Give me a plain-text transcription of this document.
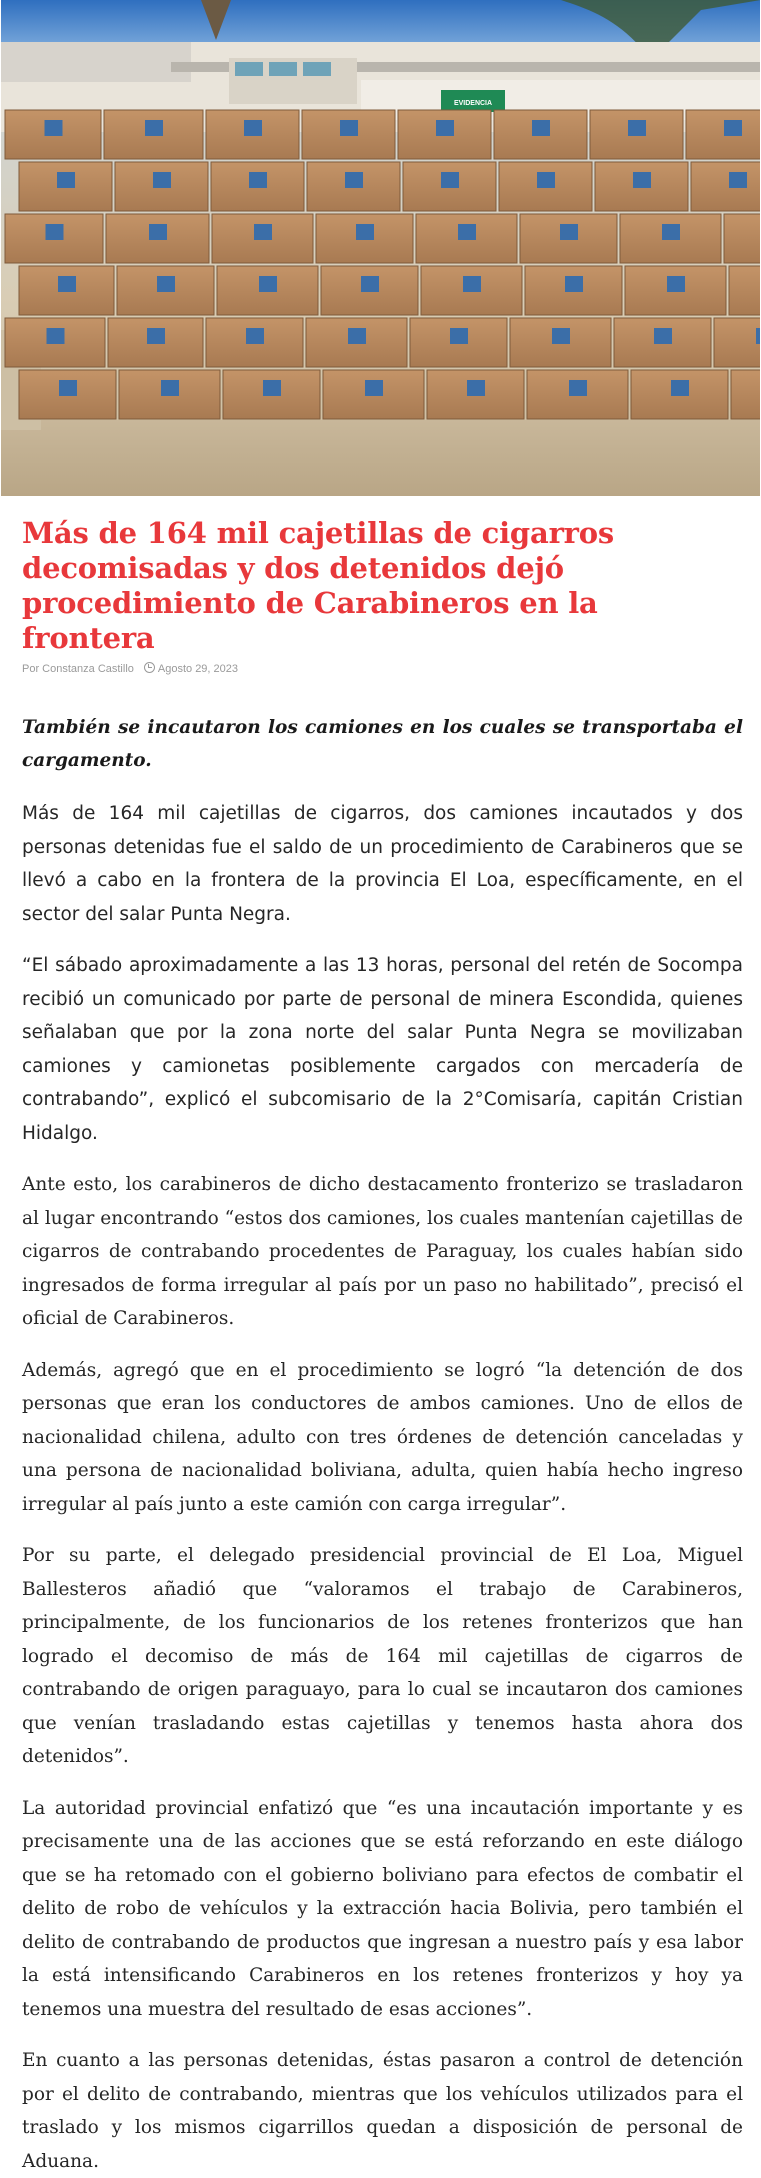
EVIDENCIA
Más de 164 mil cajetillas de cigarros decomisadas y dos detenidos dejó procedimiento de Carabineros en la frontera
Por Constanza Castillo	Agosto 29, 2023

También se incautaron los camiones en los cuales se transportaba el cargamento.

Más de 164 mil cajetillas de cigarros, dos camiones incautados y dos personas detenidas fue el saldo de un procedimiento de Carabineros que se llevó a cabo en la frontera de la provincia El Loa, específicamente, en el sector del salar Punta Negra.

“El sábado aproximadamente a las 13 horas, personal del retén de Socompa recibió un comunicado por parte de personal de minera Escondida, quienes señalaban que por la zona norte del salar Punta Negra se movilizaban camiones y camionetas posiblemente cargados con mercadería de contrabando”, explicó el subcomisario de la 2°Comisaría, capitán Cristian Hidalgo.

Ante esto, los carabineros de dicho destacamento fronterizo se trasladaron al lugar encontrando “estos dos camiones, los cuales mantenían cajetillas de cigarros de contrabando procedentes de Paraguay, los cuales habían sido ingresados de forma irregular al país por un paso no habilitado”, precisó el oficial de Carabineros.

Además, agregó que en el procedimiento se logró “la detención de dos personas que eran los conductores de ambos camiones. Uno de ellos de nacionalidad chilena, adulto con tres órdenes de detención canceladas y una persona de nacionalidad boliviana, adulta, quien había hecho ingreso irregular al país junto a este camión con carga irregular”.

Por su parte, el delegado presidencial provincial de El Loa, Miguel Ballesteros añadió que “valoramos el trabajo de Carabineros, principalmente, de los funcionarios de los retenes fronterizos que han logrado el decomiso de más de 164 mil cajetillas de cigarros de contrabando de origen paraguayo, para lo cual se incautaron dos camiones que venían trasladando estas cajetillas y tenemos hasta ahora dos detenidos”.

La autoridad provincial enfatizó que “es una incautación importante y es precisamente una de las acciones que se está reforzando en este diálogo que se ha retomado con el gobierno boliviano para efectos de combatir el delito de robo de vehículos y la extracción hacia Bolivia, pero también el delito de contrabando de productos que ingresan a nuestro país y esa labor la está intensificando Carabineros en los retenes fronterizos y hoy ya tenemos una muestra del resultado de esas acciones”.

En cuanto a las personas detenidas, éstas pasaron a control de detención por el delito de contrabando, mientras que los vehículos utilizados para el traslado y los mismos cigarrillos quedan a disposición de personal de Aduana.
